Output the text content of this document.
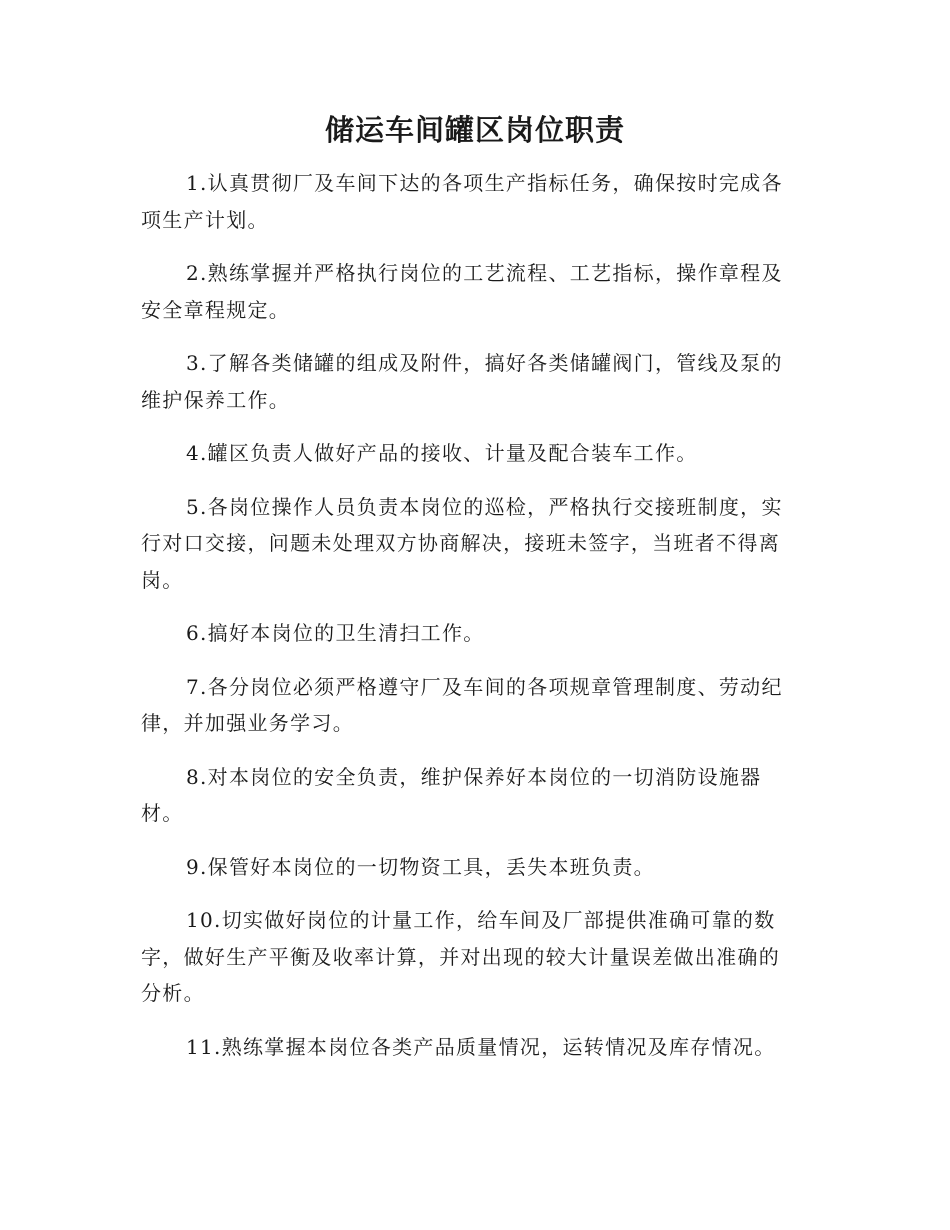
储运车间罐区岗位职责

1.认真贯彻厂及车间下达的各项生产指标任务，确保按时完成各项生产计划。

2.熟练掌握并严格执行岗位的工艺流程、工艺指标，操作章程及安全章程规定。

3.了解各类储罐的组成及附件，搞好各类储罐阀门，管线及泵的维护保养工作。

4.罐区负责人做好产品的接收、计量及配合装车工作。

5.各岗位操作人员负责本岗位的巡检，严格执行交接班制度，实行对口交接，问题未处理双方协商解决，接班未签字，当班者不得离岗。

6.搞好本岗位的卫生清扫工作。

7.各分岗位必须严格遵守厂及车间的各项规章管理制度、劳动纪律，并加强业务学习。

8.对本岗位的安全负责，维护保养好本岗位的一切消防设施器材。

9.保管好本岗位的一切物资工具，丢失本班负责。

10.切实做好岗位的计量工作，给车间及厂部提供准确可靠的数字，做好生产平衡及收率计算，并对出现的较大计量误差做出准确的分析。

11.熟练掌握本岗位各类产品质量情况，运转情况及库存情况。
